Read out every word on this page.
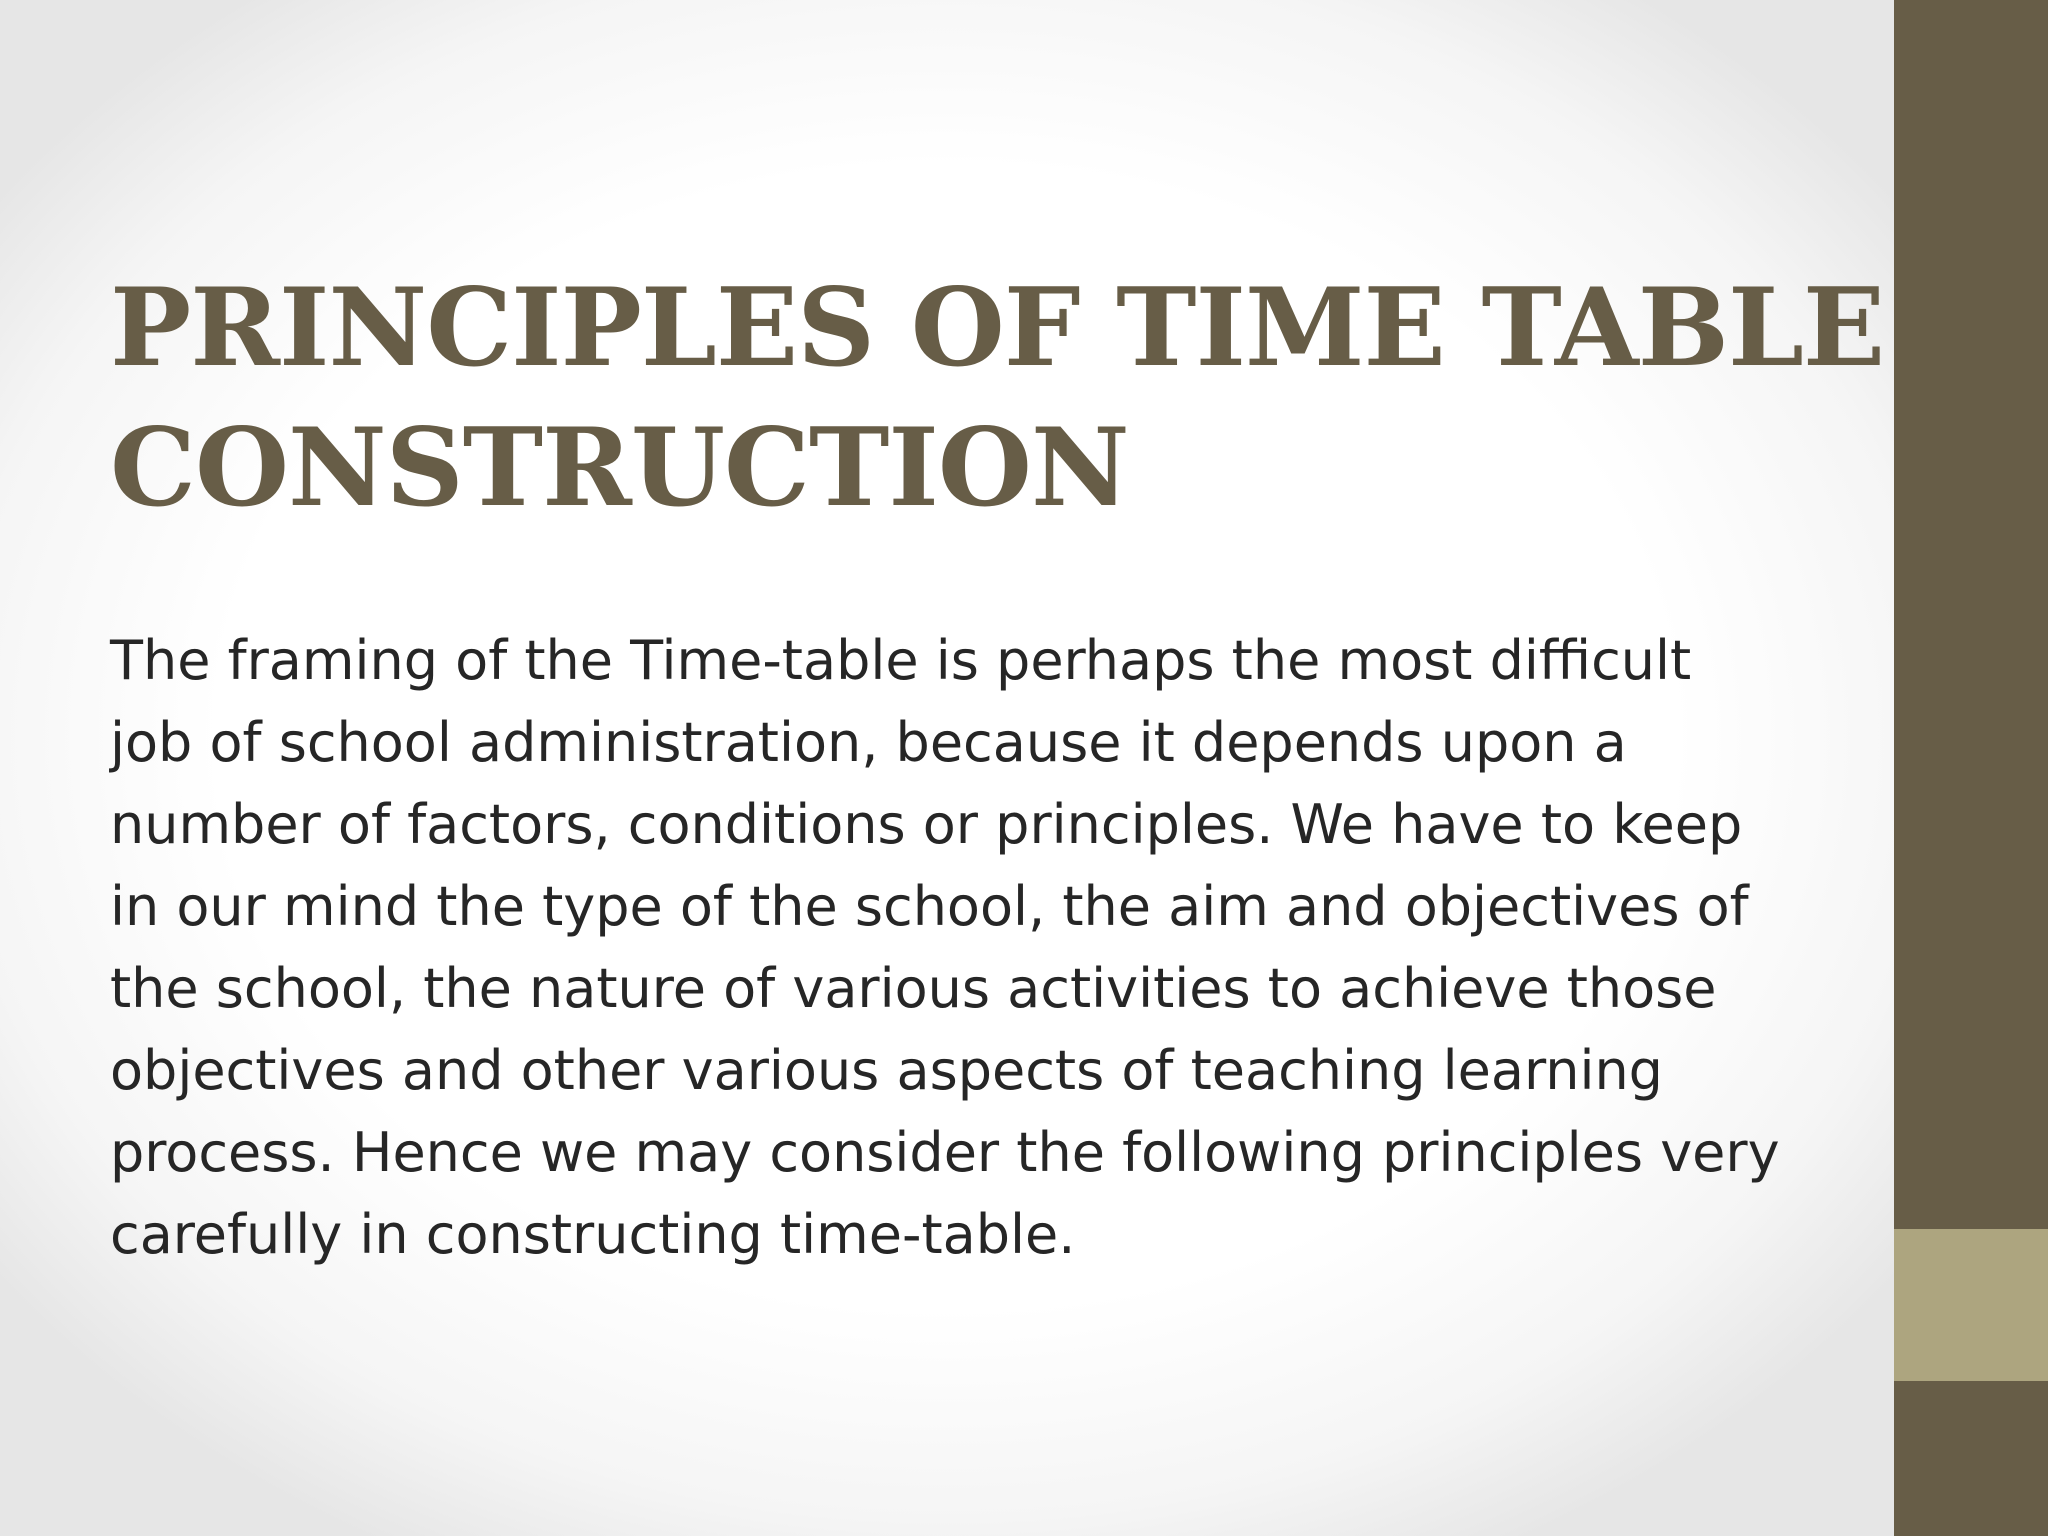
PRINCIPLES OF TIME TABLE
CONSTRUCTION
The framing of the Time-table is perhaps the most difficult
job of school administration, because it depends upon a
number of factors, conditions or principles. We have to keep
in our mind the type of the school, the aim and objectives of
the school, the nature of various activities to achieve those
objectives and other various aspects of teaching learning
process. Hence we may consider the following principles very
carefully in constructing time-table.
